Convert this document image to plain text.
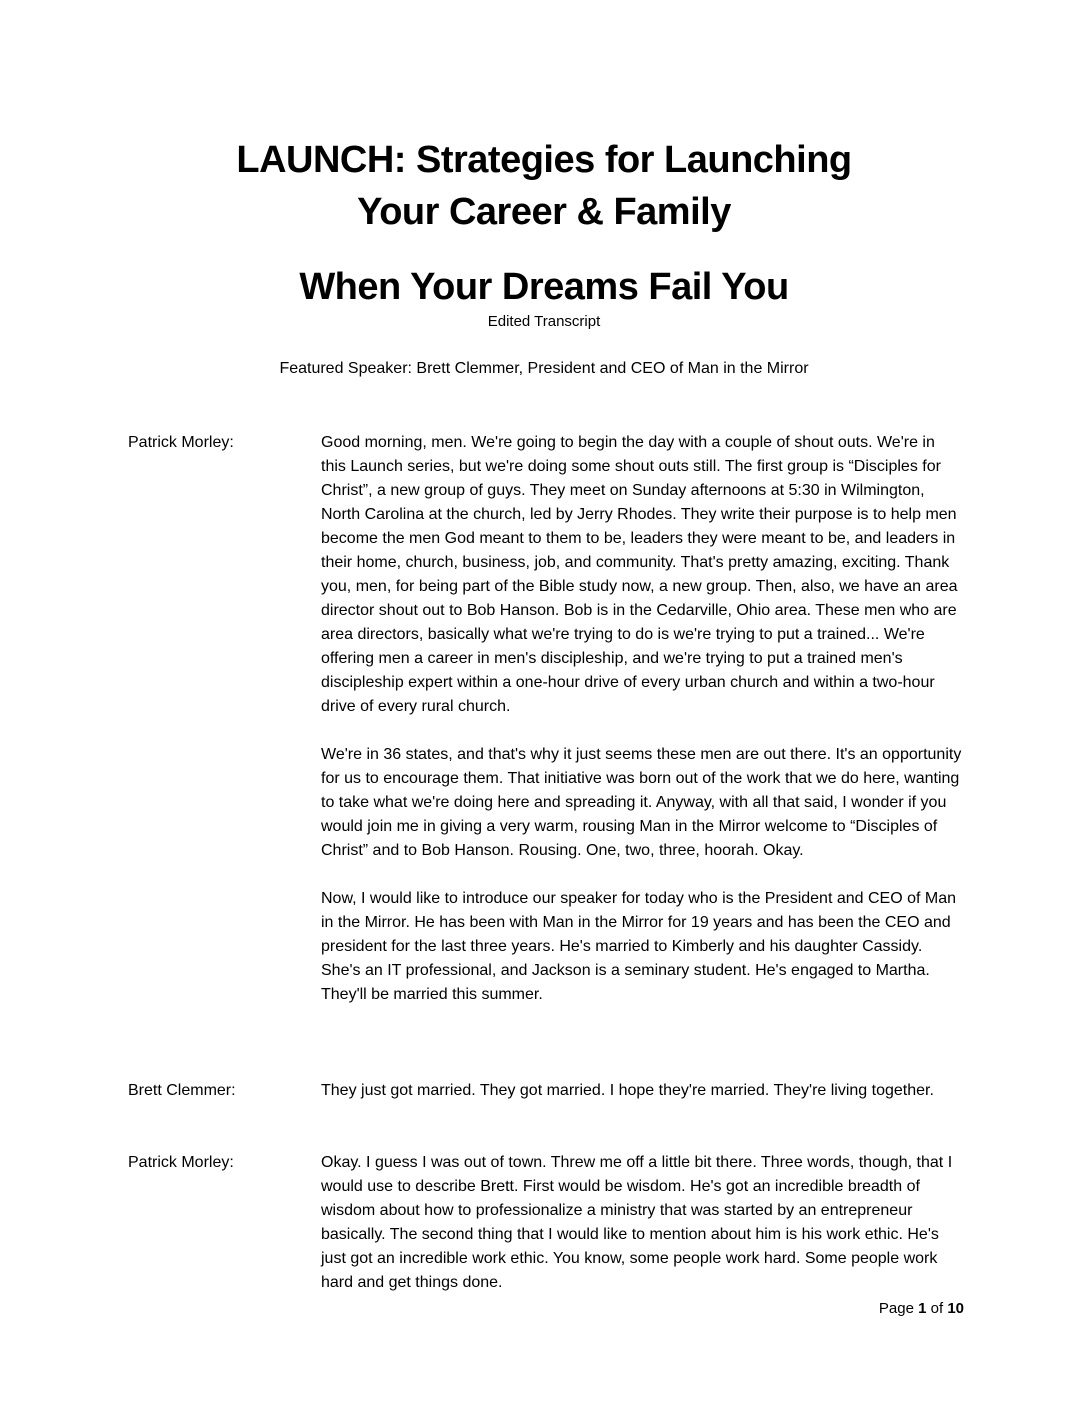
LAUNCH: Strategies for Launching
Your Career & Family
When Your Dreams Fail You
Edited Transcript
Featured Speaker: Brett Clemmer, President and CEO of Man in the Mirror
Patrick Morley:	Good morning, men. We're going to begin the day with a couple of shout outs. We're in this Launch series, but we're doing some shout outs still. The first group is “Disciples for Christ”, a new group of guys. They meet on Sunday afternoons at 5:30 in Wilmington, North Carolina at the church, led by Jerry Rhodes. They write their purpose is to help men become the men God meant to them to be, leaders they were meant to be, and leaders in their home, church, business, job, and community. That's pretty amazing, exciting. Thank you, men, for being part of the Bible study now, a new group. Then, also, we have an area director shout out to Bob Hanson. Bob is in the Cedarville, Ohio area. These men who are area directors, basically what we're trying to do is we're trying to put a trained... We're offering men a career in men's discipleship, and we're trying to put a trained men's discipleship expert within a one-hour drive of every urban church and within a two-hour drive of every rural church.

We're in 36 states, and that's why it just seems these men are out there. It's an opportunity for us to encourage them. That initiative was born out of the work that we do here, wanting to take what we're doing here and spreading it. Anyway, with all that said, I wonder if you would join me in giving a very warm, rousing Man in the Mirror welcome to “Disciples of Christ” and to Bob Hanson. Rousing. One, two, three, hoorah. Okay.

Now, I would like to introduce our speaker for today who is the President and CEO of Man in the Mirror. He has been with Man in the Mirror for 19 years and has been the CEO and president for the last three years. He's married to Kimberly and his daughter Cassidy. She's an IT professional, and Jackson is a seminary student. He's engaged to Martha. They'll be married this summer.

Brett Clemmer:	They just got married. They got married. I hope they're married. They're living together.

Patrick Morley:	Okay. I guess I was out of town. Threw me off a little bit there. Three words, though, that I would use to describe Brett. First would be wisdom. He's got an incredible breadth of wisdom about how to professionalize a ministry that was started by an entrepreneur basically. The second thing that I would like to mention about him is his work ethic. He's just got an incredible work ethic. You know, some people work hard. Some people work hard and get things done.

Page 1 of 10
